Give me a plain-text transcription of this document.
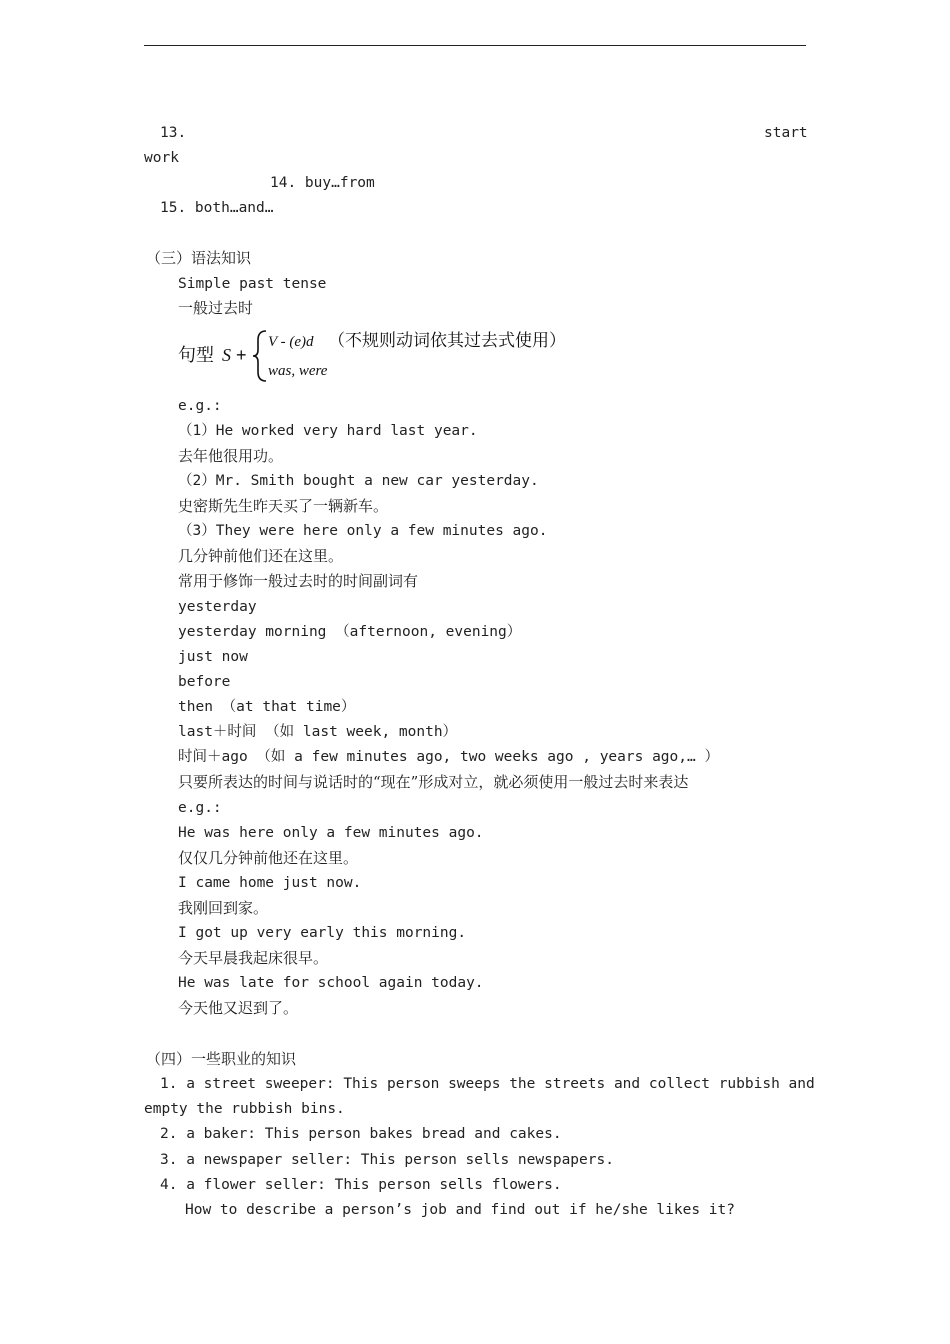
13.	start
work
14. buy…from
15. both…and…
（三）语法知识
Simple past tense
一般过去时
句型 S +
V - (e)d （不规则动词依其过去式使用）
was, were
e.g.:
（1）He worked very hard last year.
去年他很用功。
（2）Mr. Smith bought a new car yesterday.
史密斯先生昨天买了一辆新车。
（3）They were here only a few minutes ago.
几分钟前他们还在这里。
常用于修饰一般过去时的时间副词有
yesterday
yesterday morning （afternoon, evening）
just now
before
then （at that time）
last＋时间 （如 last week, month）
时间＋ago （如 a few minutes ago, two weeks ago , years ago,… ）
只要所表达的时间与说话时的“现在”形成对立，就必须使用一般过去时来表达
e.g.:
He was here only a few minutes ago.
仅仅几分钟前他还在这里。
I came home just now.
我刚回到家。
I got up very early this morning.
今天早晨我起床很早。
He was late for school again today.
今天他又迟到了。
（四）一些职业的知识
1. a street sweeper: This person sweeps the streets and collect rubbish and
empty the rubbish bins.
2. a baker: This person bakes bread and cakes.
3. a newspaper seller: This person sells newspapers.
4. a flower seller: This person sells flowers.
How to describe a person’s job and find out if he/she likes it?
